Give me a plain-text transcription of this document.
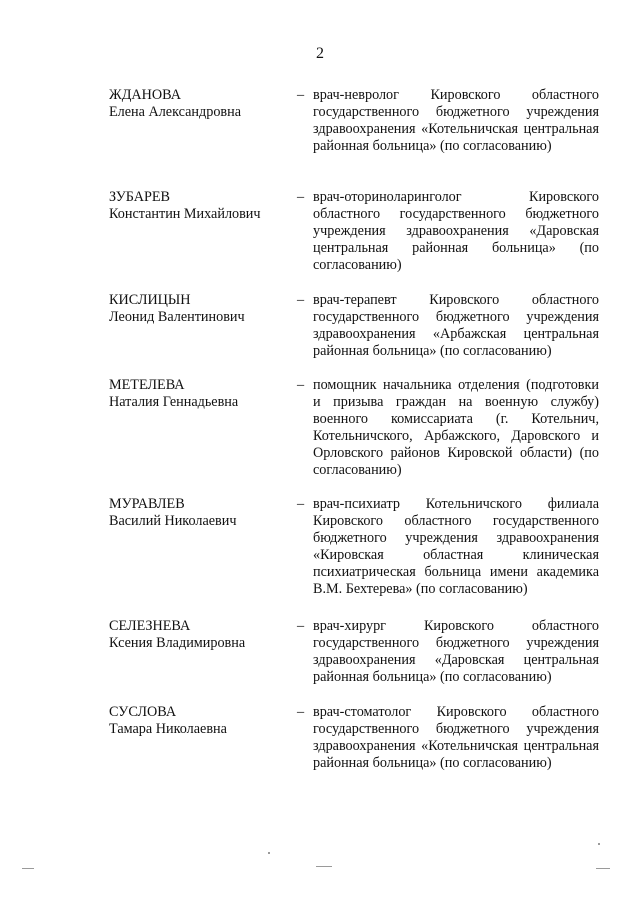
2
ЖДАНОВА
Елена Александровна
– врач-невролог Кировского областного государственного бюджетного учреждения здравоохранения «Котельничская центральная районная больница» (по согласованию)
ЗУБАРЕВ
Константин Михайлович
– врач-оториноларинголог Кировского областного государственного бюджетного учреждения здравоохранения «Даровская центральная районная больница» (по согласованию)
КИСЛИЦЫН
Леонид Валентинович
– врач-терапевт Кировского областного государственного бюджетного учреждения здравоохранения «Арбажская центральная районная больница» (по согласованию)
МЕТЕЛЕВА
Наталия Геннадьевна
– помощник начальника отделения (подготовки и призыва граждан на военную службу) военного комиссариата (г. Котельнич, Котельничского, Арбажского, Даровского и Орловского районов Кировской области) (по согласованию)
МУРАВЛЕВ
Василий Николаевич
– врач-психиатр Котельничского филиала Кировского областного государственного бюджетного учреждения здравоохранения «Кировская областная клиническая психиатрическая больница имени академика В.М. Бехтерева» (по согласованию)
СЕЛЕЗНЕВА
Ксения Владимировна
– врач-хирург Кировского областного государственного бюджетного учреждения здравоохранения «Даровская центральная районная больница» (по согласованию)
СУСЛОВА
Тамара Николаевна
– врач-стоматолог Кировского областного государственного бюджетного учреждения здравоохранения «Котельничская центральная районная больница» (по согласованию)
